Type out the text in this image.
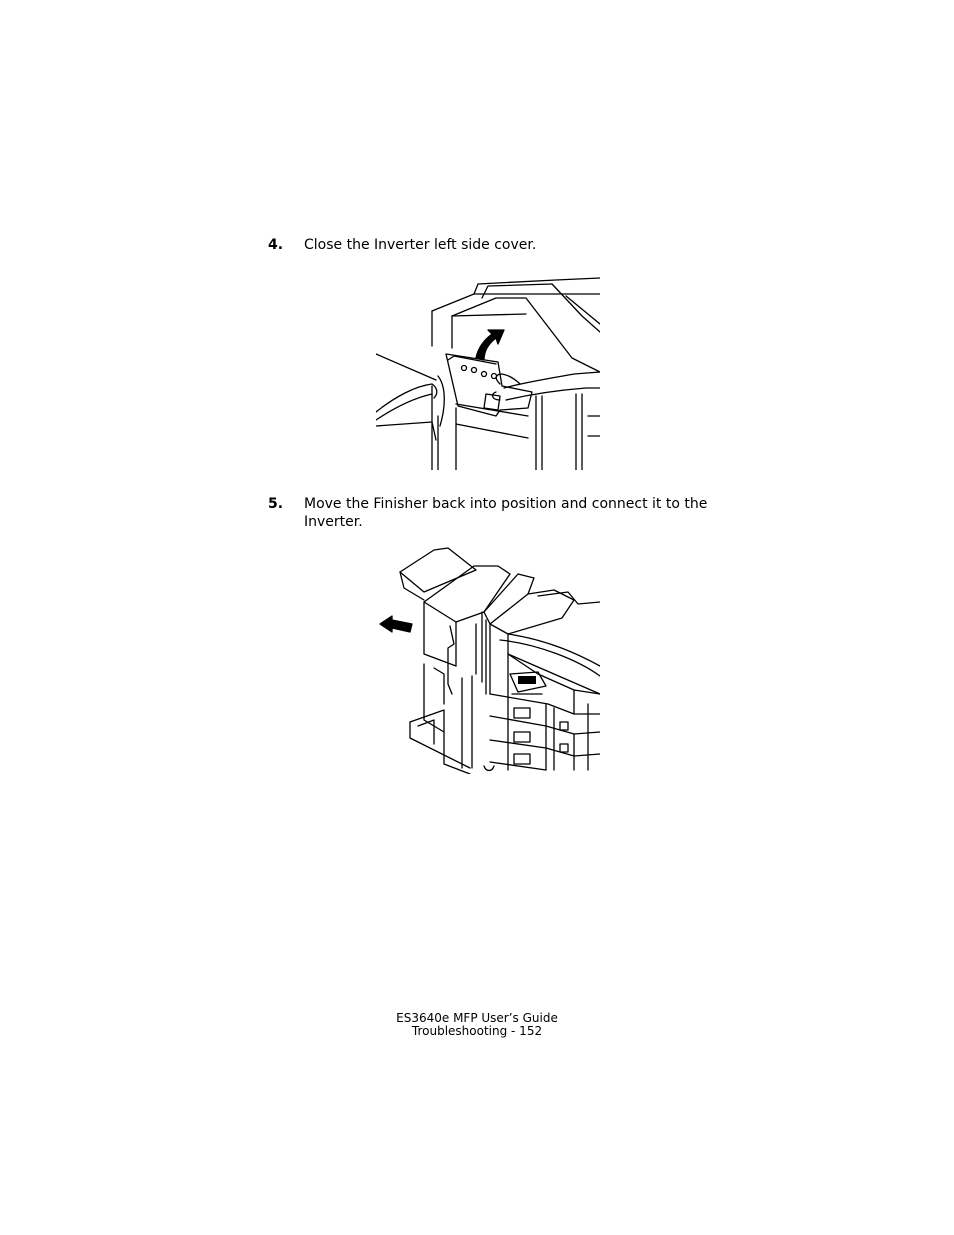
4. Close the Inverter left side cover.
5. Move the Finisher back into position and connect it to the Inverter.
ES3640e MFP User’s Guide
Troubleshooting - 152
